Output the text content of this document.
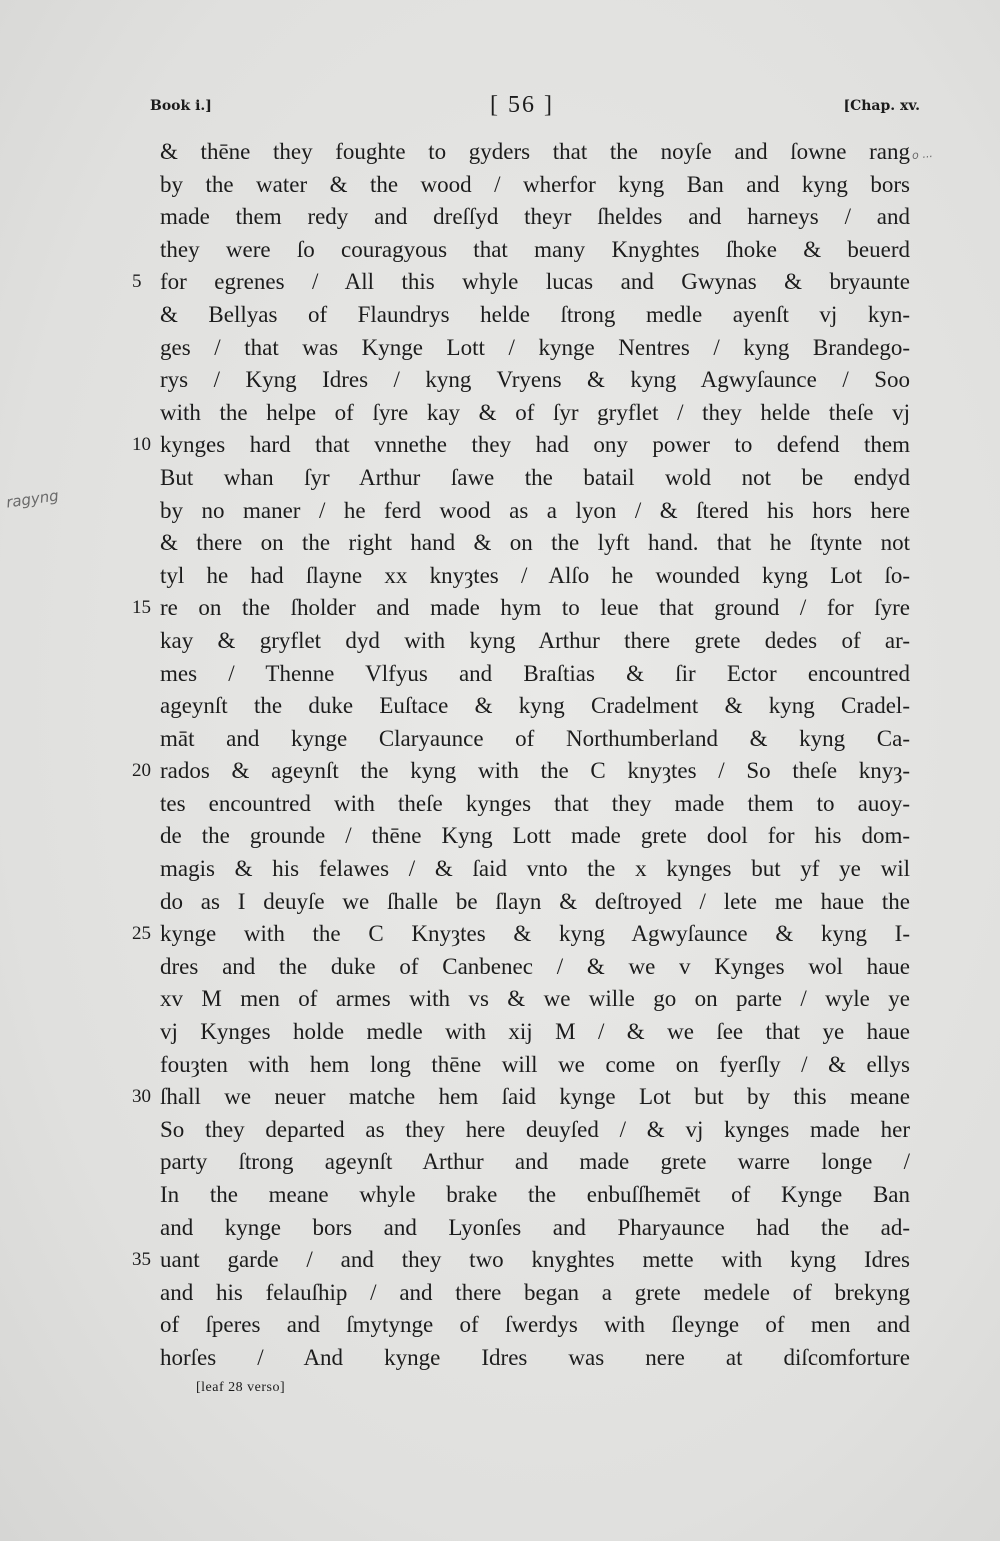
Book i.]	[ 56 ]	[Chap. xv.
o ...
ragyng
& thēne they foughte to gyders that the noyſe and ſowne rang
by the water & the wood / wherfor kyng Ban and kyng bors
made them redy and dreſſyd theyr ſheldes and harneys / and
they were ſo couragyous that many Knyghtes ſhoke & beuerd
5 for egrenes / All this whyle lucas and Gwynas & bryaunte
& Bellyas of Flaundrys helde ſtrong medle ayenſt vj kyn-
ges / that was Kynge Lott / kynge Nentres / kyng Brandego-
rys / Kyng Idres / kyng Vryens & kyng Agwyſaunce / Soo
with the helpe of ſyre kay & of ſyr gryflet / they helde theſe vj
10 kynges hard that vnnethe they had ony power to defend them
But whan ſyr Arthur ſawe the batail wold not be endyd
by no maner / he ferd wood as a lyon / & ſtered his hors here
& there on the right hand & on the lyft hand. that he ſtynte not
tyl he had ſlayne xx knyȝtes / Alſo he wounded kyng Lot ſo-
15 re on the ſholder and made hym to leue that ground / for ſyre
kay & gryflet dyd with kyng Arthur there grete dedes of ar-
mes / Thenne Vlfyus and Braſtias & ſir Ector encountred
ageynſt the duke Euſtace & kyng Cradelment & kyng Cradel-
māt and kynge Claryaunce of Northumberland & kyng Ca-
20 rados & ageynſt the kyng with the C knyȝtes / So theſe knyȝ-
tes encountred with theſe kynges that they made them to auoy-
de the grounde / thēne Kyng Lott made grete dool for his dom-
magis & his felawes / & ſaid vnto the x kynges but yf ye wil
do as I deuyſe we ſhalle be ſlayn & deſtroyed / lete me haue the
25 kynge with the C Knyȝtes & kyng Agwyſaunce & kyng I-
dres and the duke of Canbenec / & we v Kynges wol haue
xv M men of armes with vs & we wille go on parte / wyle ye
vj Kynges holde medle with xij M / & we ſee that ye haue
fouȝten with hem long thēne will we come on fyerſly / & ellys
30 ſhall we neuer matche hem ſaid kynge Lot but by this meane
So they departed as they here deuyſed / & vj kynges made her
party ſtrong ageynſt Arthur and made grete warre longe /
In the meane whyle brake the enbuſſhemēt of Kynge Ban
and kynge bors and Lyonſes and Pharyaunce had the ad-
35 uant garde / and they two knyghtes mette with kyng Idres
and his felauſhip / and there began a grete medele of brekyng
of ſperes and ſmytynge of ſwerdys with ſleynge of men and
horſes / And kynge Idres was nere at diſcomforture
[leaf 28 verso]
